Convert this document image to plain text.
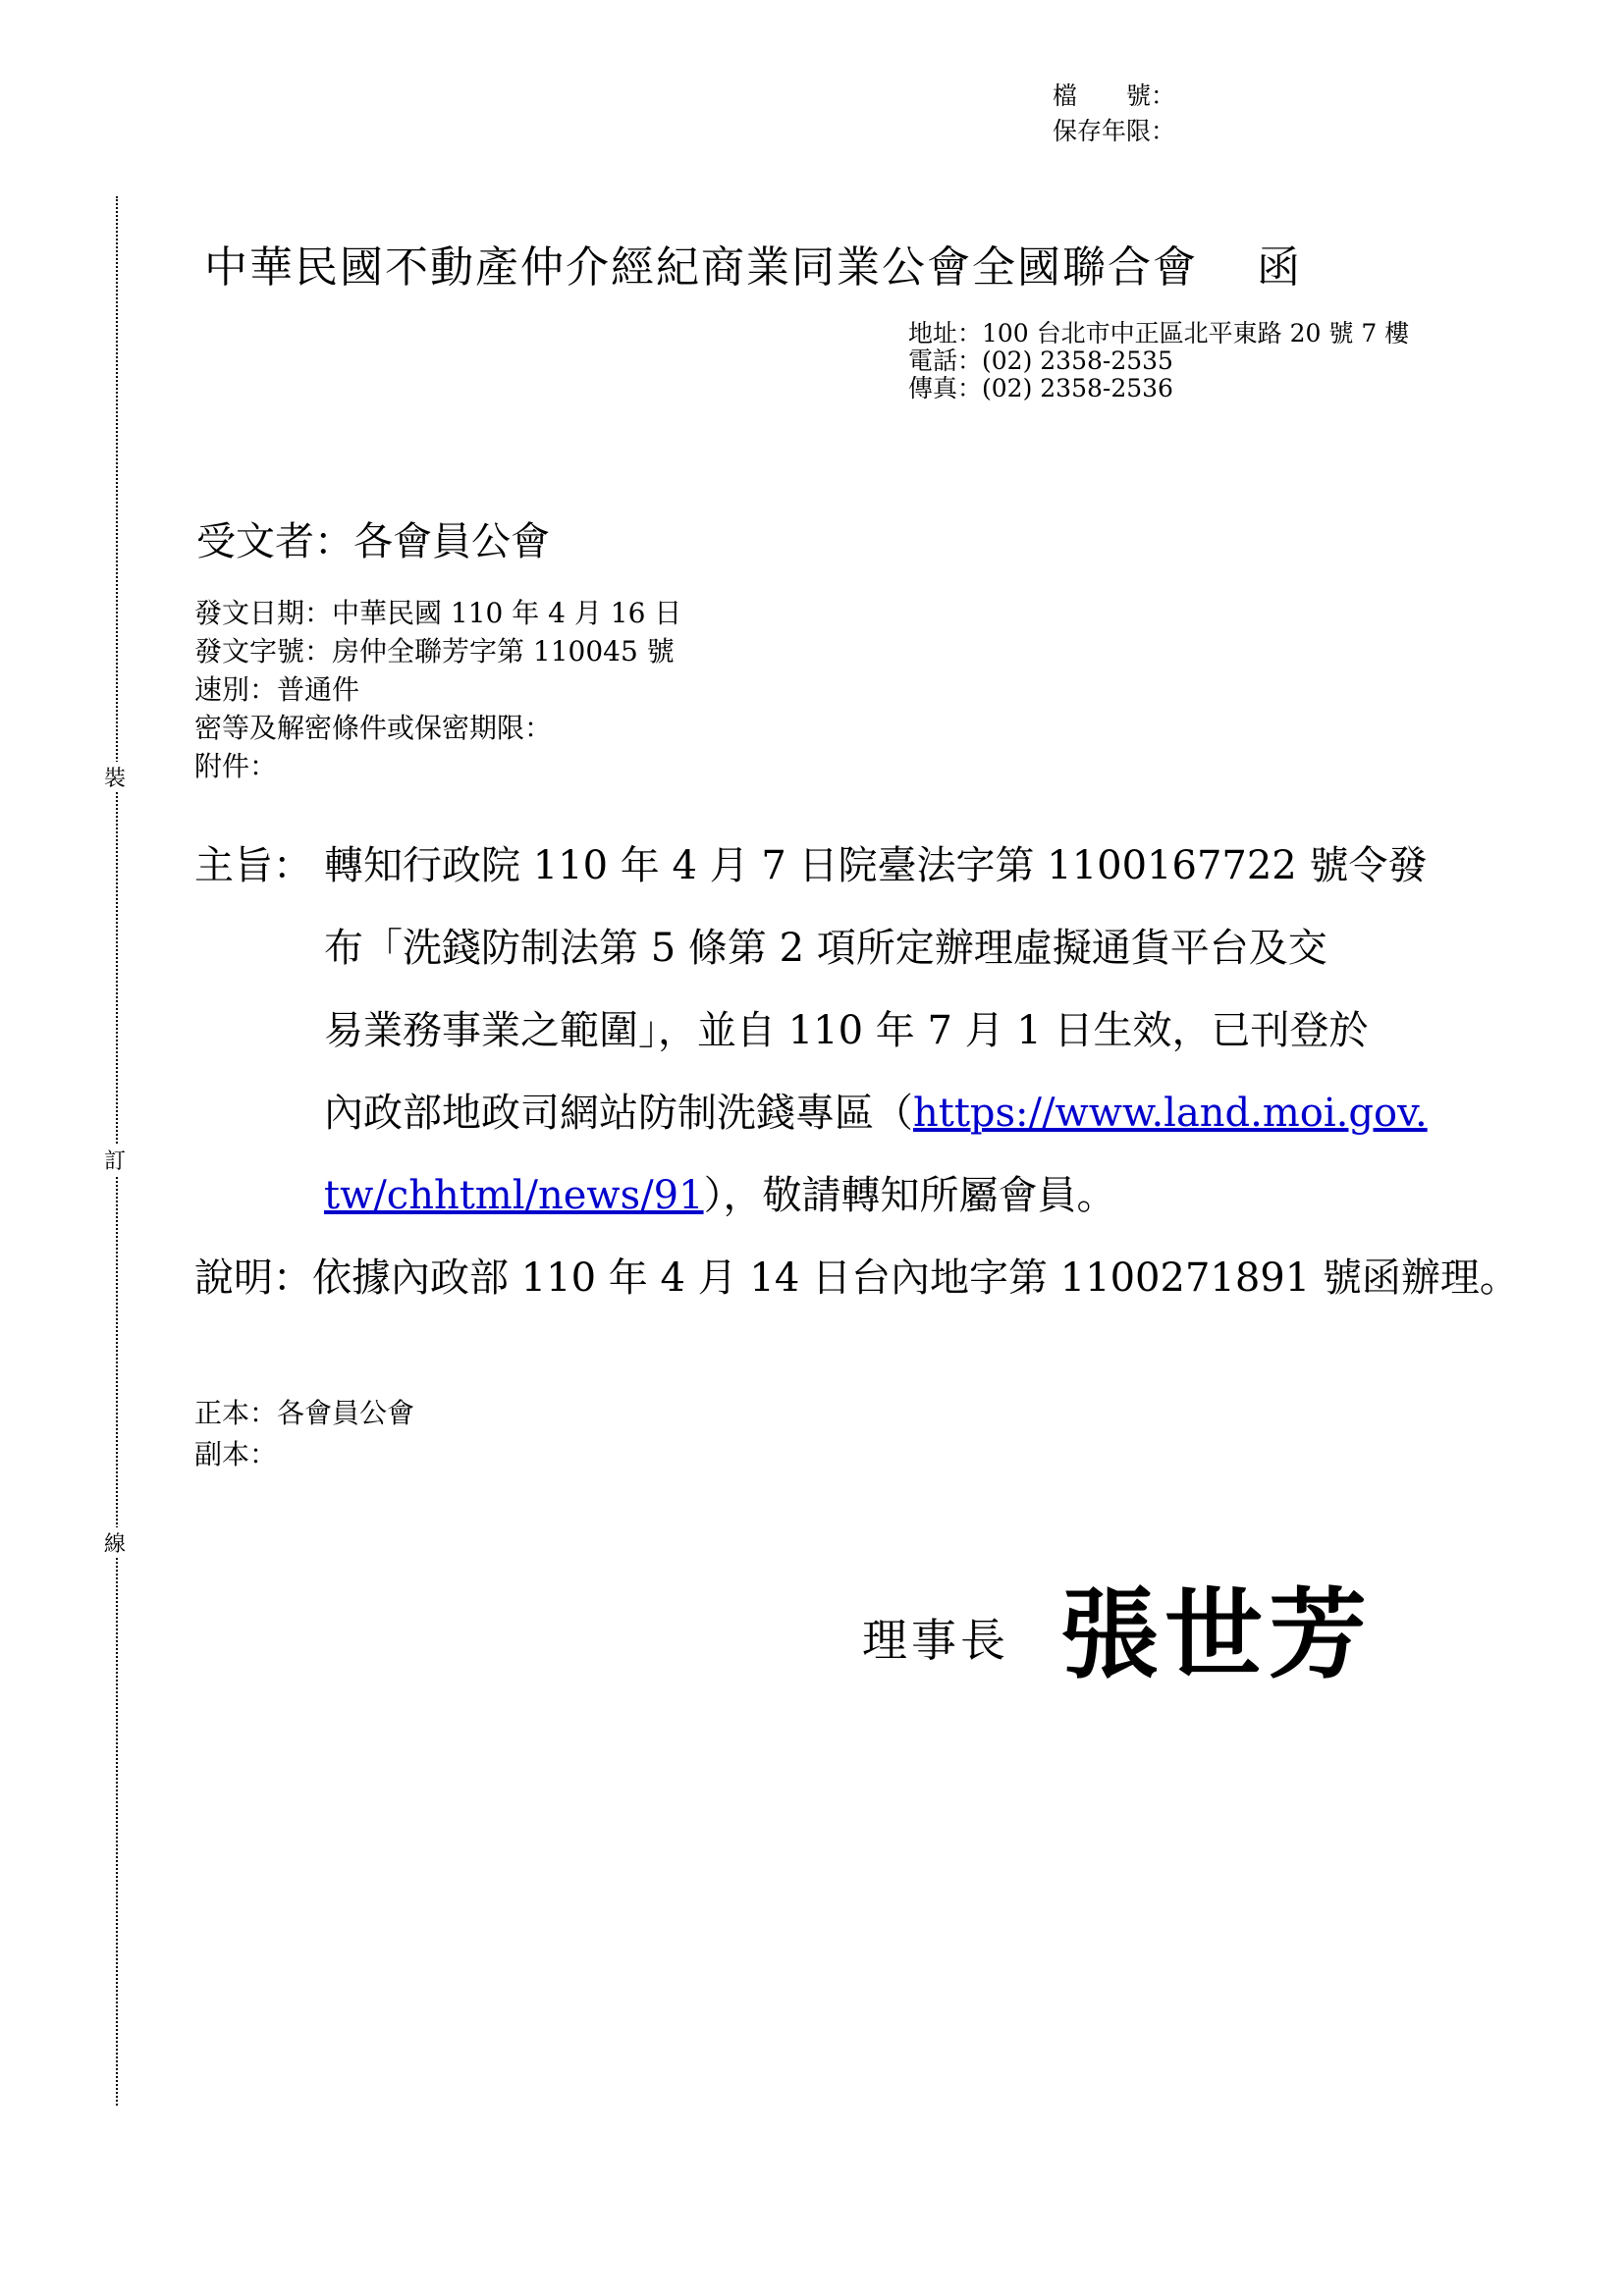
裝
訂
線
檔　　號：
保存年限：
中華民國不動產仲介經紀商業同業公會全國聯合會 函
地址：100 台北市中正區北平東路 20 號 7 樓
電話：(02) 2358-2535
傳真：(02) 2358-2536
受文者：各會員公會
發文日期：中華民國 110 年 4 月 16 日
發文字號：房仲全聯芳字第 110045 號
速別：普通件
密等及解密條件或保密期限：
附件：
主旨： 轉知行政院 110 年 4 月 7 日院臺法字第 1100167722 號令發
布「洗錢防制法第 5 條第 2 項所定辦理虛擬通貨平台及交
易業務事業之範圍」，並自 110 年 7 月 1 日生效，已刊登於
內政部地政司網站防制洗錢專區（https://www.land.moi.gov.
tw/chhtml/news/91），敬請轉知所屬會員。
說明：依據內政部 110 年 4 月 14 日台內地字第 1100271891 號函辦理。
正本：各會員公會
副本：
理事長 張世芳
